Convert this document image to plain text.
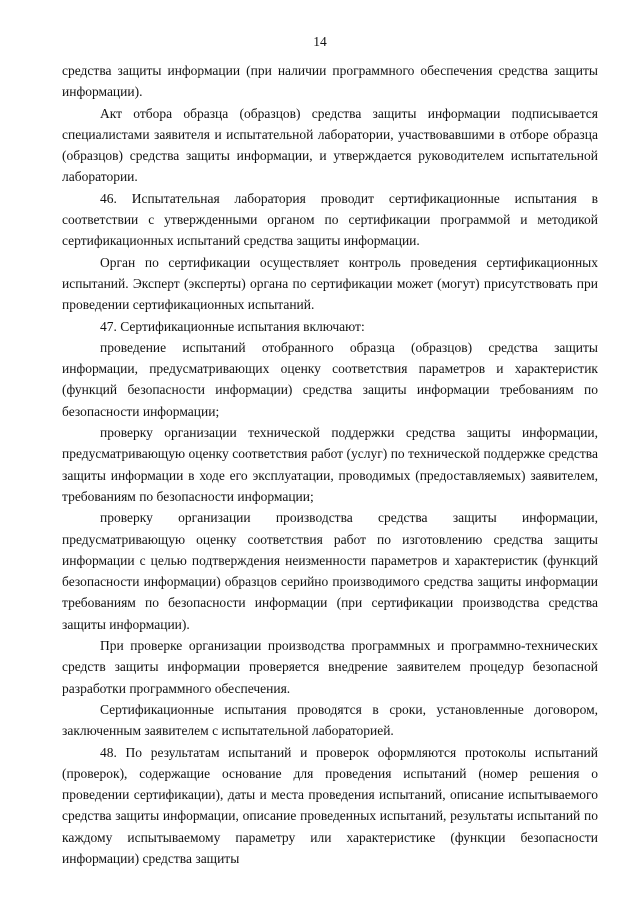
14

средства защиты информации (при наличии программного обеспечения средства защиты информации).

Акт отбора образца (образцов) средства защиты информации подписывается специалистами заявителя и испытательной лаборатории, участвовавшими в отборе образца (образцов) средства защиты информации, и утверждается руководителем испытательной лаборатории.

46. Испытательная лаборатория проводит сертификационные испытания в соответствии с утвержденными органом по сертификации программой и методикой сертификационных испытаний средства защиты информации.

Орган по сертификации осуществляет контроль проведения сертификационных испытаний. Эксперт (эксперты) органа по сертификации может (могут) присутствовать при проведении сертификационных испытаний.

47. Сертификационные испытания включают:

проведение испытаний отобранного образца (образцов) средства защиты информации, предусматривающих оценку соответствия параметров и характеристик (функций безопасности информации) средства защиты информации требованиям по безопасности информации;

проверку организации технической поддержки средства защиты информации, предусматривающую оценку соответствия работ (услуг) по технической поддержке средства защиты информации в ходе его эксплуатации, проводимых (предоставляемых) заявителем, требованиям по безопасности информации;

проверку организации производства средства защиты информации, предусматривающую оценку соответствия работ по изготовлению средства защиты информации с целью подтверждения неизменности параметров и характеристик (функций безопасности информации) образцов серийно производимого средства защиты информации требованиям по безопасности информации (при сертификации производства средства защиты информации).

При проверке организации производства программных и программно-технических средств защиты информации проверяется внедрение заявителем процедур безопасной разработки программного обеспечения.

Сертификационные испытания проводятся в сроки, установленные договором, заключенным заявителем с испытательной лабораторией.

48. По результатам испытаний и проверок оформляются протоколы испытаний (проверок), содержащие основание для проведения испытаний (номер решения о проведении сертификации), даты и места проведения испытаний, описание испытываемого средства защиты информации, описание проведенных испытаний, результаты испытаний по каждому испытываемому параметру или характеристике (функции безопасности информации) средства защиты
